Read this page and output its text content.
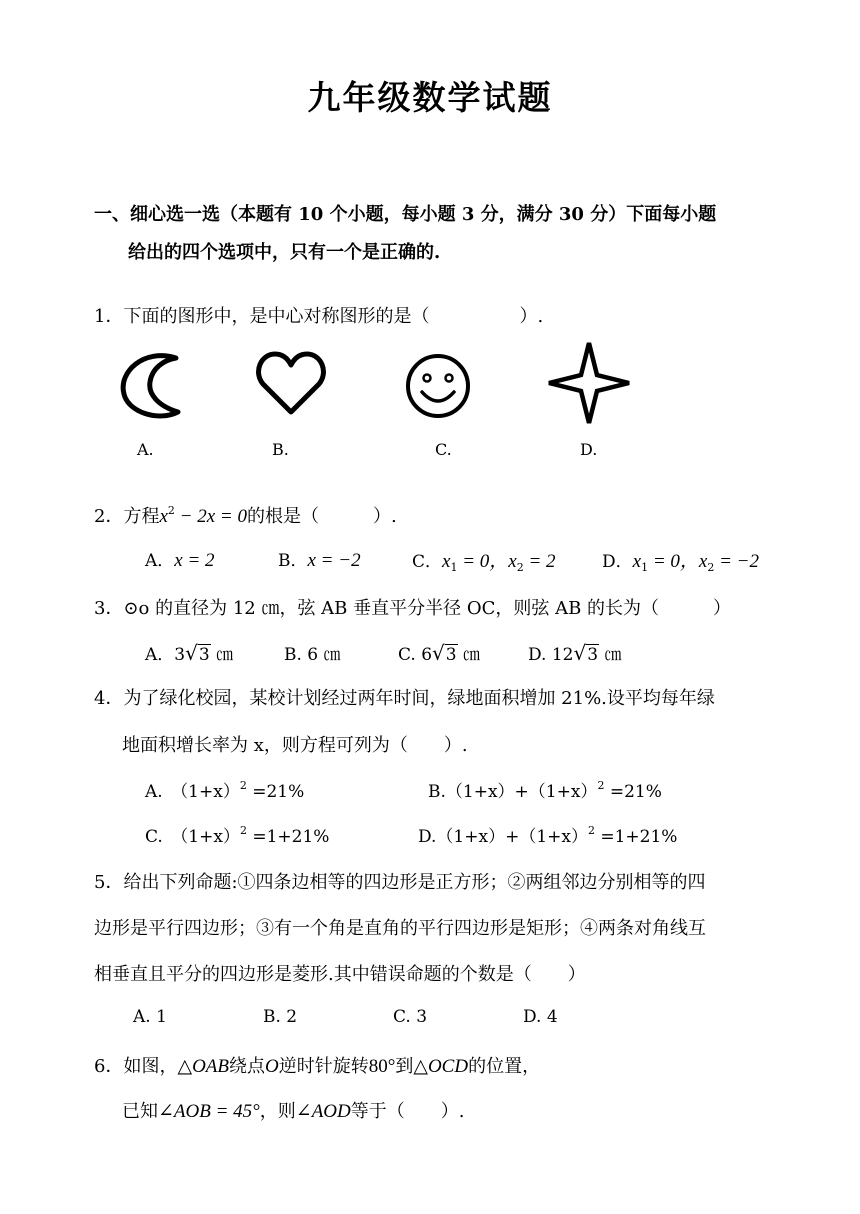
九年级数学试题
一、细心选一选（本题有 10 个小题，每小题 3 分，满分 30 分）下面每小题
给出的四个选项中，只有一个是正确的.
1．下面的图形中，是中心对称图形的是（　　　　　）.
A.	B.	C.	D.
2．方程$x^2 - 2x = 0$的根是（　　　）.
A．x = 2	B．x = −2	C．$x_1 = 0$，$x_2 = 2$	D．$x_1 = 0$，$x_2 = -2$
3．⊙o 的直径为 12 ㎝，弦 AB 垂直平分半径 OC，则弦 AB 的长为（　　　）
A．3√3 ㎝	B. 6 ㎝	C. 6√3 ㎝	D. 12√3 ㎝
4．为了绿化校园，某校计划经过两年时间，绿地面积增加 21%.设平均每年绿
地面积增长率为 x，则方程可列为（　　）.
A.　$(1+x)^2 =21\%$	$B.(1+x)+(1+x)^2 =21\%$
C.　$(1+x)^2 =1+21\%$	$D.(1+x)+(1+x)^2 =1+21\%$
5．给出下列命题:①四条边相等的四边形是正方形；②两组邻边分别相等的四
边形是平行四边形；③有一个角是直角的平行四边形是矩形；④两条对角线互
相垂直且平分的四边形是菱形.其中错误命题的个数是（　　）
A. 1	B. 2	C. 3	D. 4
6．如图，△OAB绕点O逆时针旋转80°到△OCD的位置，
已知∠AOB = 45°，则∠AOD等于（　　）.
